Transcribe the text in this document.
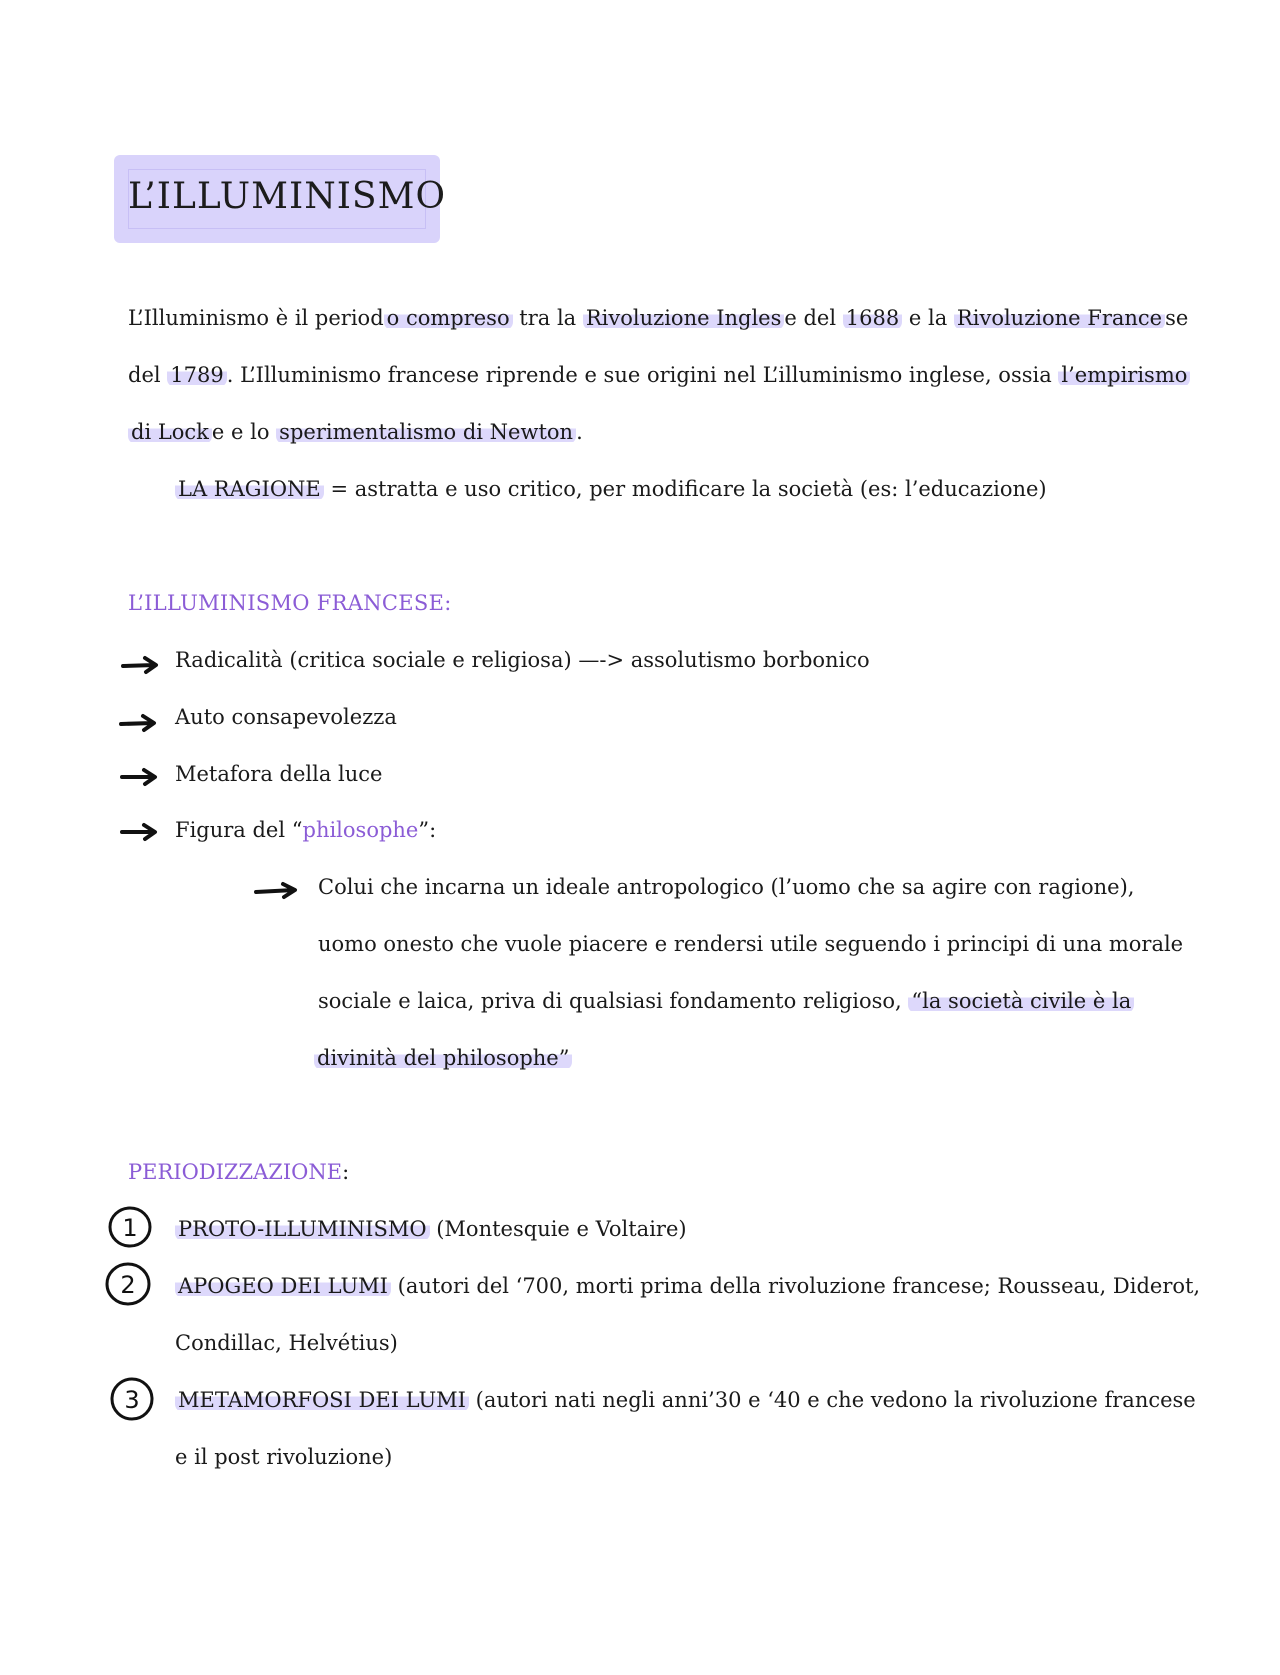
L’ILLUMINISMO
L’Illuminismo è il period o compreso tra la Rivoluzione Ingles e del 1688 e la Rivoluzione France se
del 1789 . L’Illuminismo francese riprende e sue origini nel L’illuminismo inglese, ossia l’empirismo
di Lock e e lo sperimentalismo di Newton .
LA RAGIONE = astratta e uso critico, per modificare la società (es: l’educazione)
L’ILLUMINISMO FRANCESE:
Radicalità (critica sociale e religiosa) —-> assolutismo borbonico
Auto consapevolezza
Metafora della luce
Figura del “philosophe”:
Colui che incarna un ideale antropologico (l’uomo che sa agire con ragione),
uomo onesto che vuole piacere e rendersi utile seguendo i principi di una morale
sociale e laica, priva di qualsiasi fondamento religioso, “la società civile è la
divinità del philosophe”
PERIODIZZAZIONE:
1 PROTO-ILLUMINISMO (Montesquie e Voltaire)
2 APOGEO DEI LUMI (autori del ‘700, morti prima della rivoluzione francese; Rousseau, Diderot,
Condillac, Helvétius)
3 METAMORFOSI DEI LUMI (autori nati negli anni’30 e ‘40 e che vedono la rivoluzione francese
e il post rivoluzione)
